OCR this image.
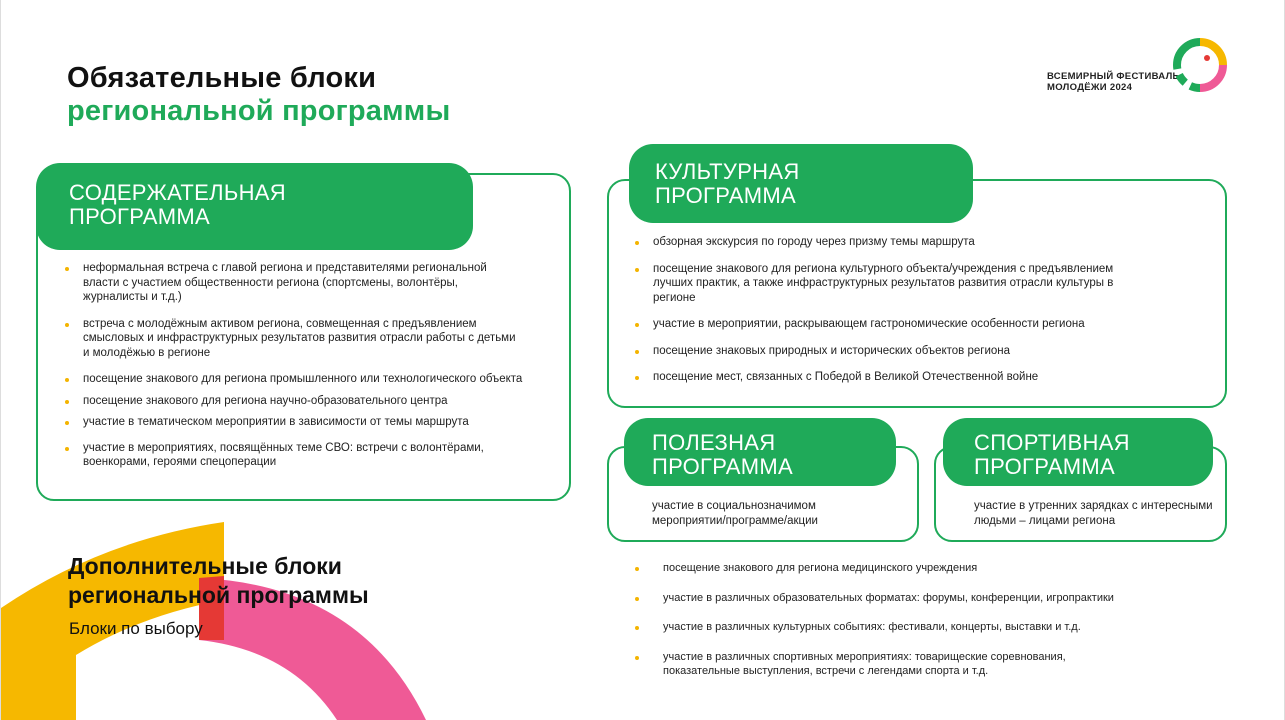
Обязательные блоки
региональной программы
ВСЕМИРНЫЙ ФЕСТИВАЛЬ
МОЛОДЁЖИ 2024
СОДЕРЖАТЕЛЬНАЯ
ПРОГРАММА
неформальная встреча с главой региона и представителями региональной власти с участием общественности региона (спортсмены, волонтёры, журналисты и т.д.)
встреча с молодёжным активом региона, совмещенная с предъявлением смысловых и инфраструктурных результатов развития отрасли работы с детьми и молодёжью в регионе
посещение знакового для региона промышленного или технологического объекта
посещение знакового для региона научно-образовательного центра
участие в тематическом мероприятии в зависимости от темы маршрута
участие в мероприятиях, посвящённых теме СВО: встречи с волонтёрами, военкорами, героями спецоперации
КУЛЬТУРНАЯ
ПРОГРАММА
обзорная экскурсия по городу через призму темы маршрута
посещение знакового для региона культурного объекта/учреждения с предъявлением лучших практик, а также инфраструктурных результатов развития отрасли культуры в регионе
участие в мероприятии, раскрывающем гастрономические особенности региона
посещение знаковых природных и исторических объектов региона
посещение мест, связанных с Победой в Великой Отечественной войне
ПОЛЕЗНАЯ
ПРОГРАММА
участие в социальнозначимом мероприятии/программе/акции
СПОРТИВНАЯ
ПРОГРАММА
участие в утренних зарядках с интересными людьми – лицами региона
Дополнительные блоки
региональной программы
Блоки по выбору
посещение знакового для региона медицинского учреждения
участие в различных образовательных форматах: форумы, конференции, игропрактики
участие в различных культурных событиях: фестивали, концерты, выставки и т.д.
участие в различных спортивных мероприятиях: товарищеские соревнования, показательные выступления, встречи с легендами спорта и т.д.
